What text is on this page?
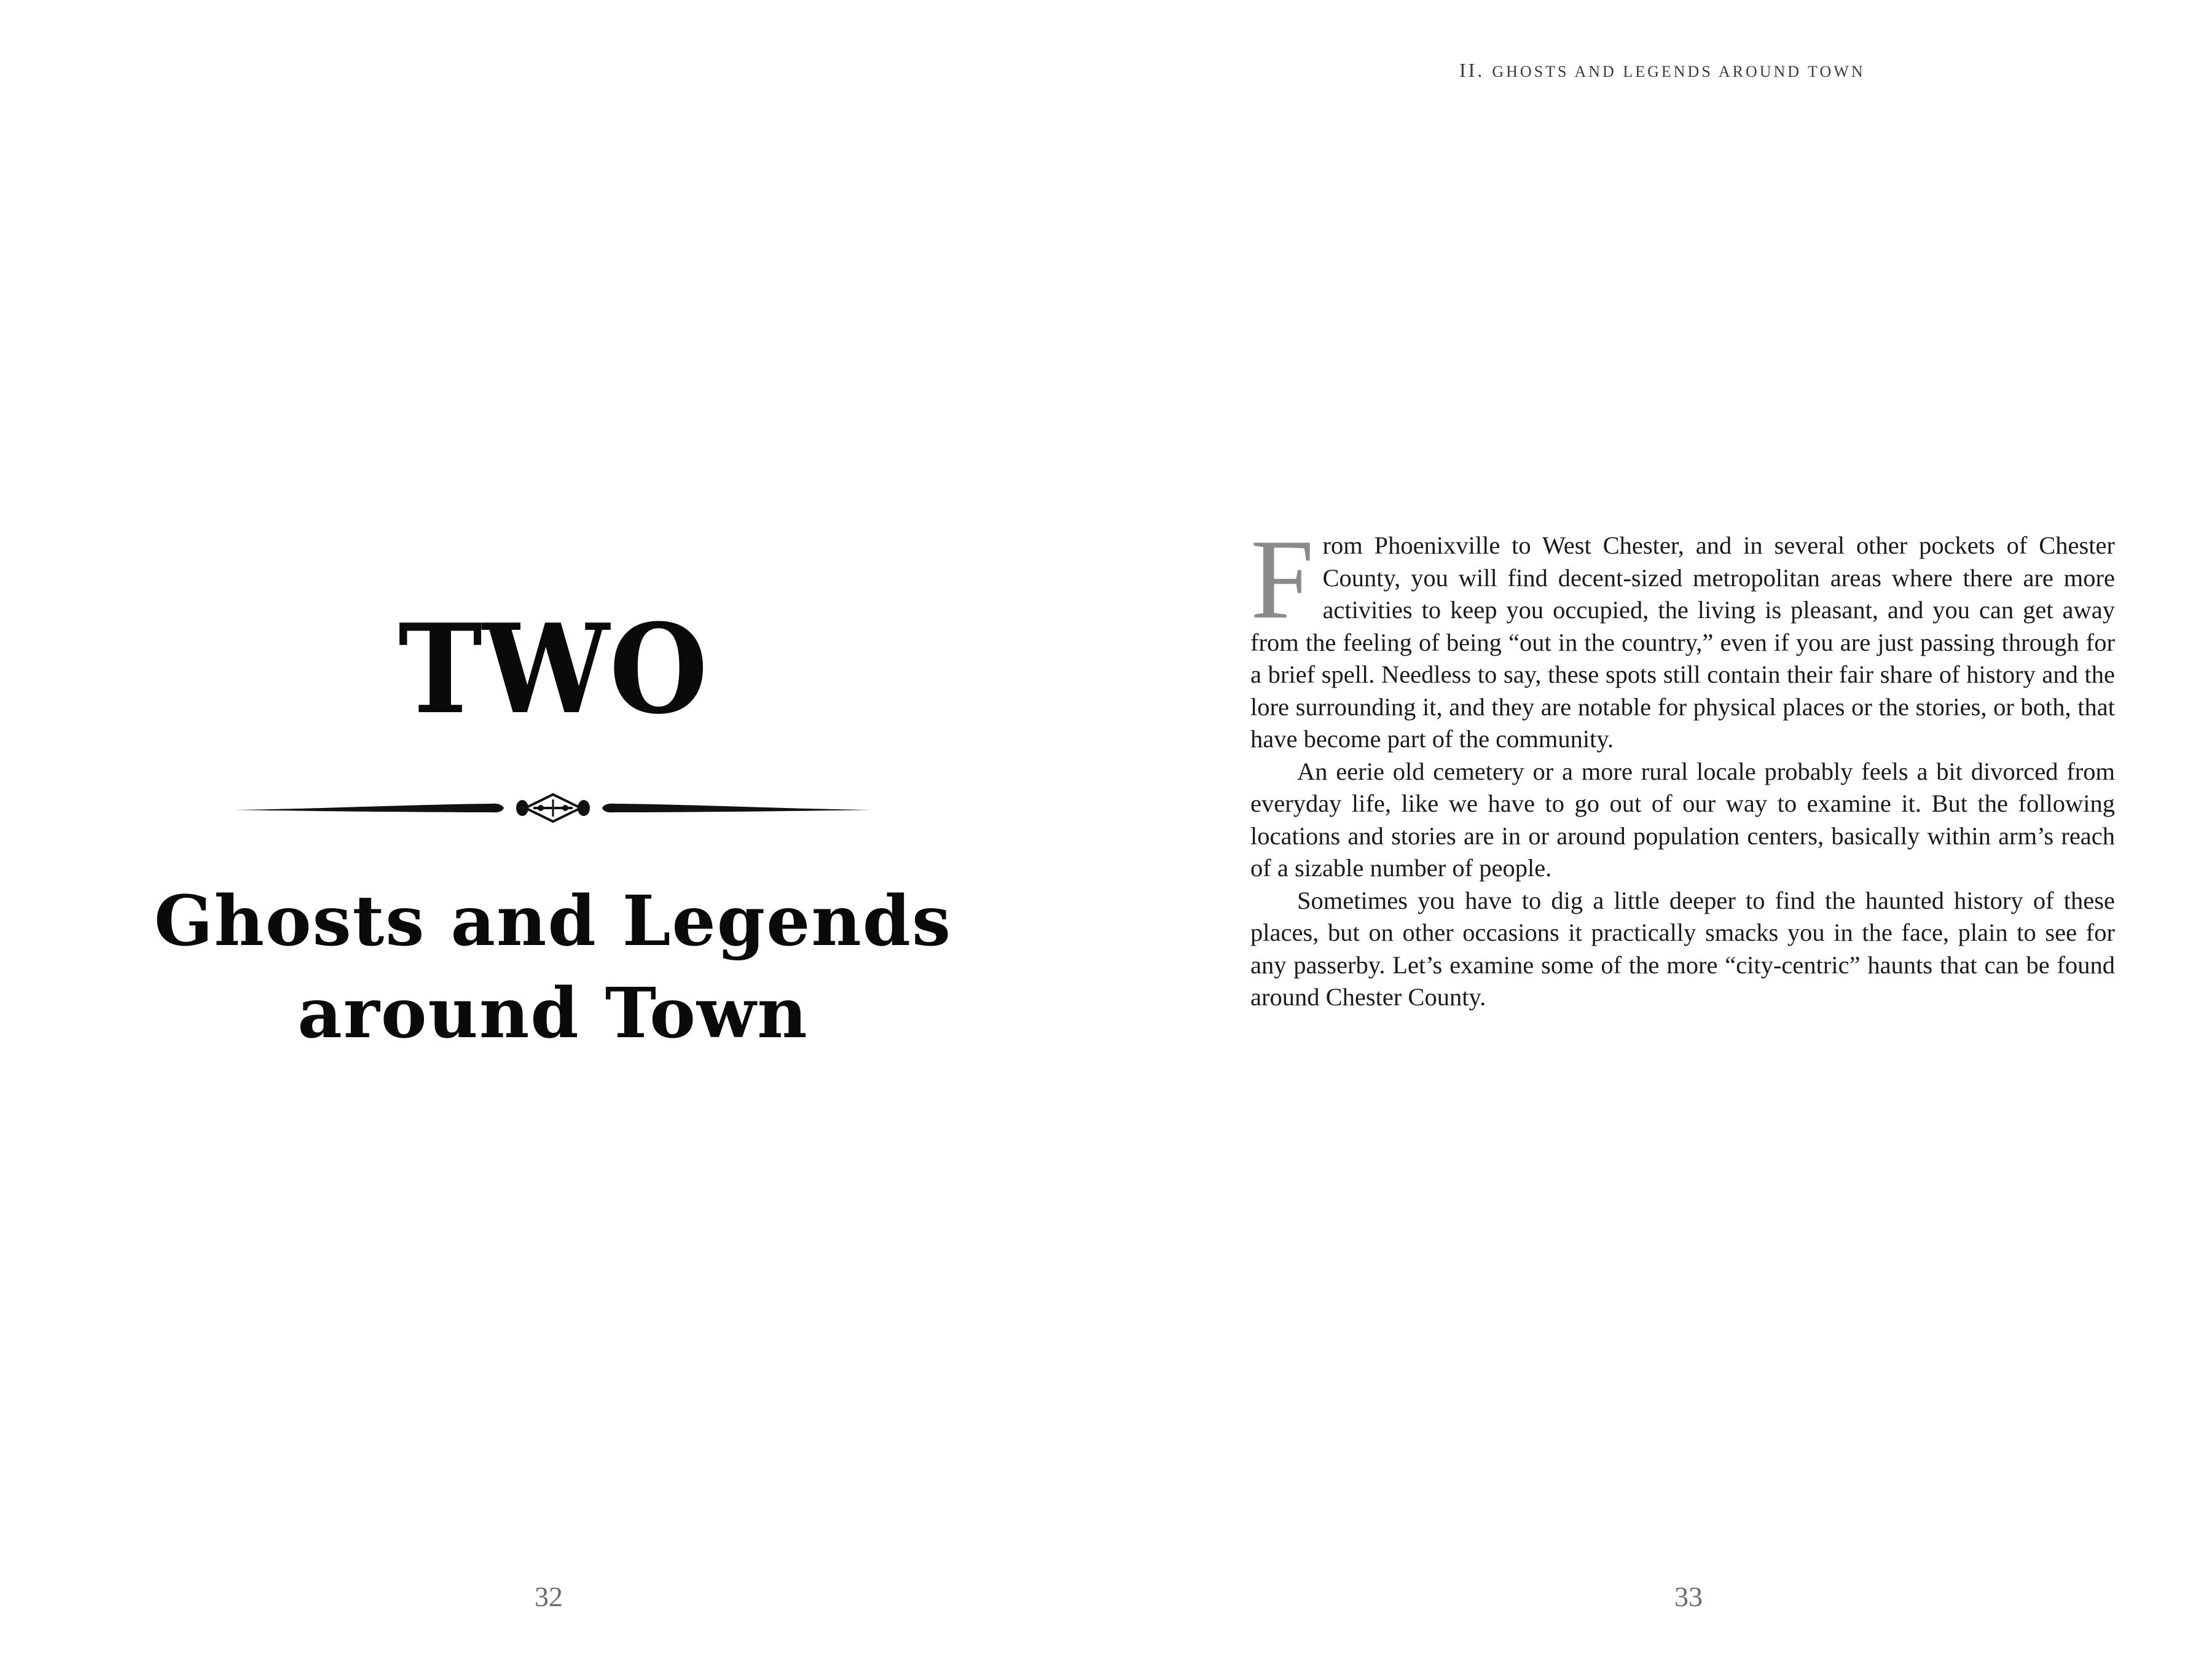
TWO
Ghosts and Legends
around Town
32
II. GHOSTS AND LEGENDS AROUND TOWN

From Phoenixville to West Chester, and in several other pockets of Chester County, you will find decent-sized metropolitan areas where there are more activities to keep you occupied, the living is pleasant, and you can get away from the feeling of being “out in the country,” even if you are just passing through for a brief spell. Needless to say, these spots still contain their fair share of history and the lore surrounding it, and they are notable for physical places or the stories, or both, that have become part of the community.

An eerie old cemetery or a more rural locale probably feels a bit divorced from everyday life, like we have to go out of our way to examine it. But the following locations and stories are in or around population centers, basically within arm’s reach of a sizable number of people.

Sometimes you have to dig a little deeper to find the haunted history of these places, but on other occasions it practically smacks you in the face, plain to see for any passerby. Let’s examine some of the more “city-centric” haunts that can be found around Chester County.

33
